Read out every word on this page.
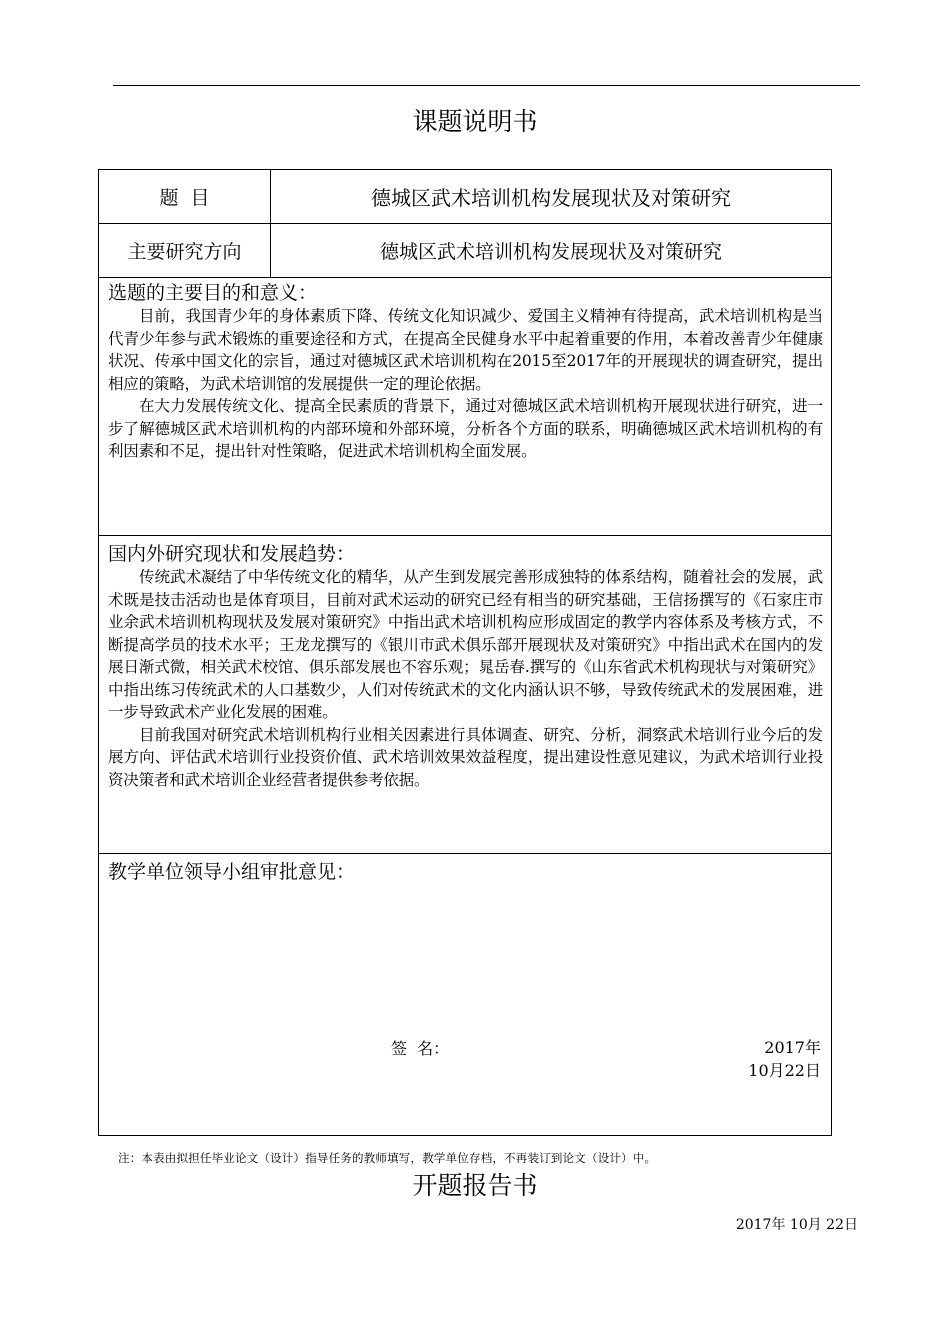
课题说明书
题  目	德城区武术培训机构发展现状及对策研究
主要研究方向	德城区武术培训机构发展现状及对策研究

选题的主要目的和意义：

目前，我国青少年的身体素质下降、传统文化知识减少、爱国主义精神有待提高，武术培训机构是当代青少年参与武术锻炼的重要途径和方式，在提高全民健身水平中起着重要的作用，本着改善青少年健康状况、传承中国文化的宗旨，通过对德城区武术培训机构在2015至2017年的开展现状的调查研究，提出相应的策略，为武术培训馆的发展提供一定的理论依据。

在大力发展传统文化、提高全民素质的背景下，通过对德城区武术培训机构开展现状进行研究，进一步了解德城区武术培训机构的内部环境和外部环境，分析各个方面的联系，明确德城区武术培训机构的有利因素和不足，提出针对性策略，促进武术培训机构全面发展。	

国内外研究现状和发展趋势：

传统武术凝结了中华传统文化的精华，从产生到发展完善形成独特的体系结构，随着社会的发展，武术既是技击活动也是体育项目，目前对武术运动的研究已经有相当的研究基础，王信扬撰写的《石家庄市业余武术培训机构现状及发展对策研究》中指出武术培训机构应形成固定的教学内容体系及考核方式，不断提高学员的技术水平；王龙龙撰写的《银川市武术俱乐部开展现状及对策研究》中指出武术在国内的发展日渐式微，相关武术校馆、俱乐部发展也不容乐观；晁岳春.撰写的《山东省武术机构现状与对策研究》中指出练习传统武术的人口基数少，人们对传统武术的文化内涵认识不够，导致传统武术的发展困难，进一步导致武术产业化发展的困难。

目前我国对研究武术培训机构行业相关因素进行具体调查、研究、分析，洞察武术培训行业今后的发展方向、评估武术培训行业投资价值、武术培训效果效益程度，提出建设性意见建议，为武术培训行业投资决策者和武术培训企业经营者提供参考依据。	

教学单位领导小组审批意见：
签  名： 2017年
10月22日	
注：本表由拟担任毕业论文（设计）指导任务的教师填写，教学单位存档，不再装订到论文（设计）中。
开题报告书
2017年 10月 22日
